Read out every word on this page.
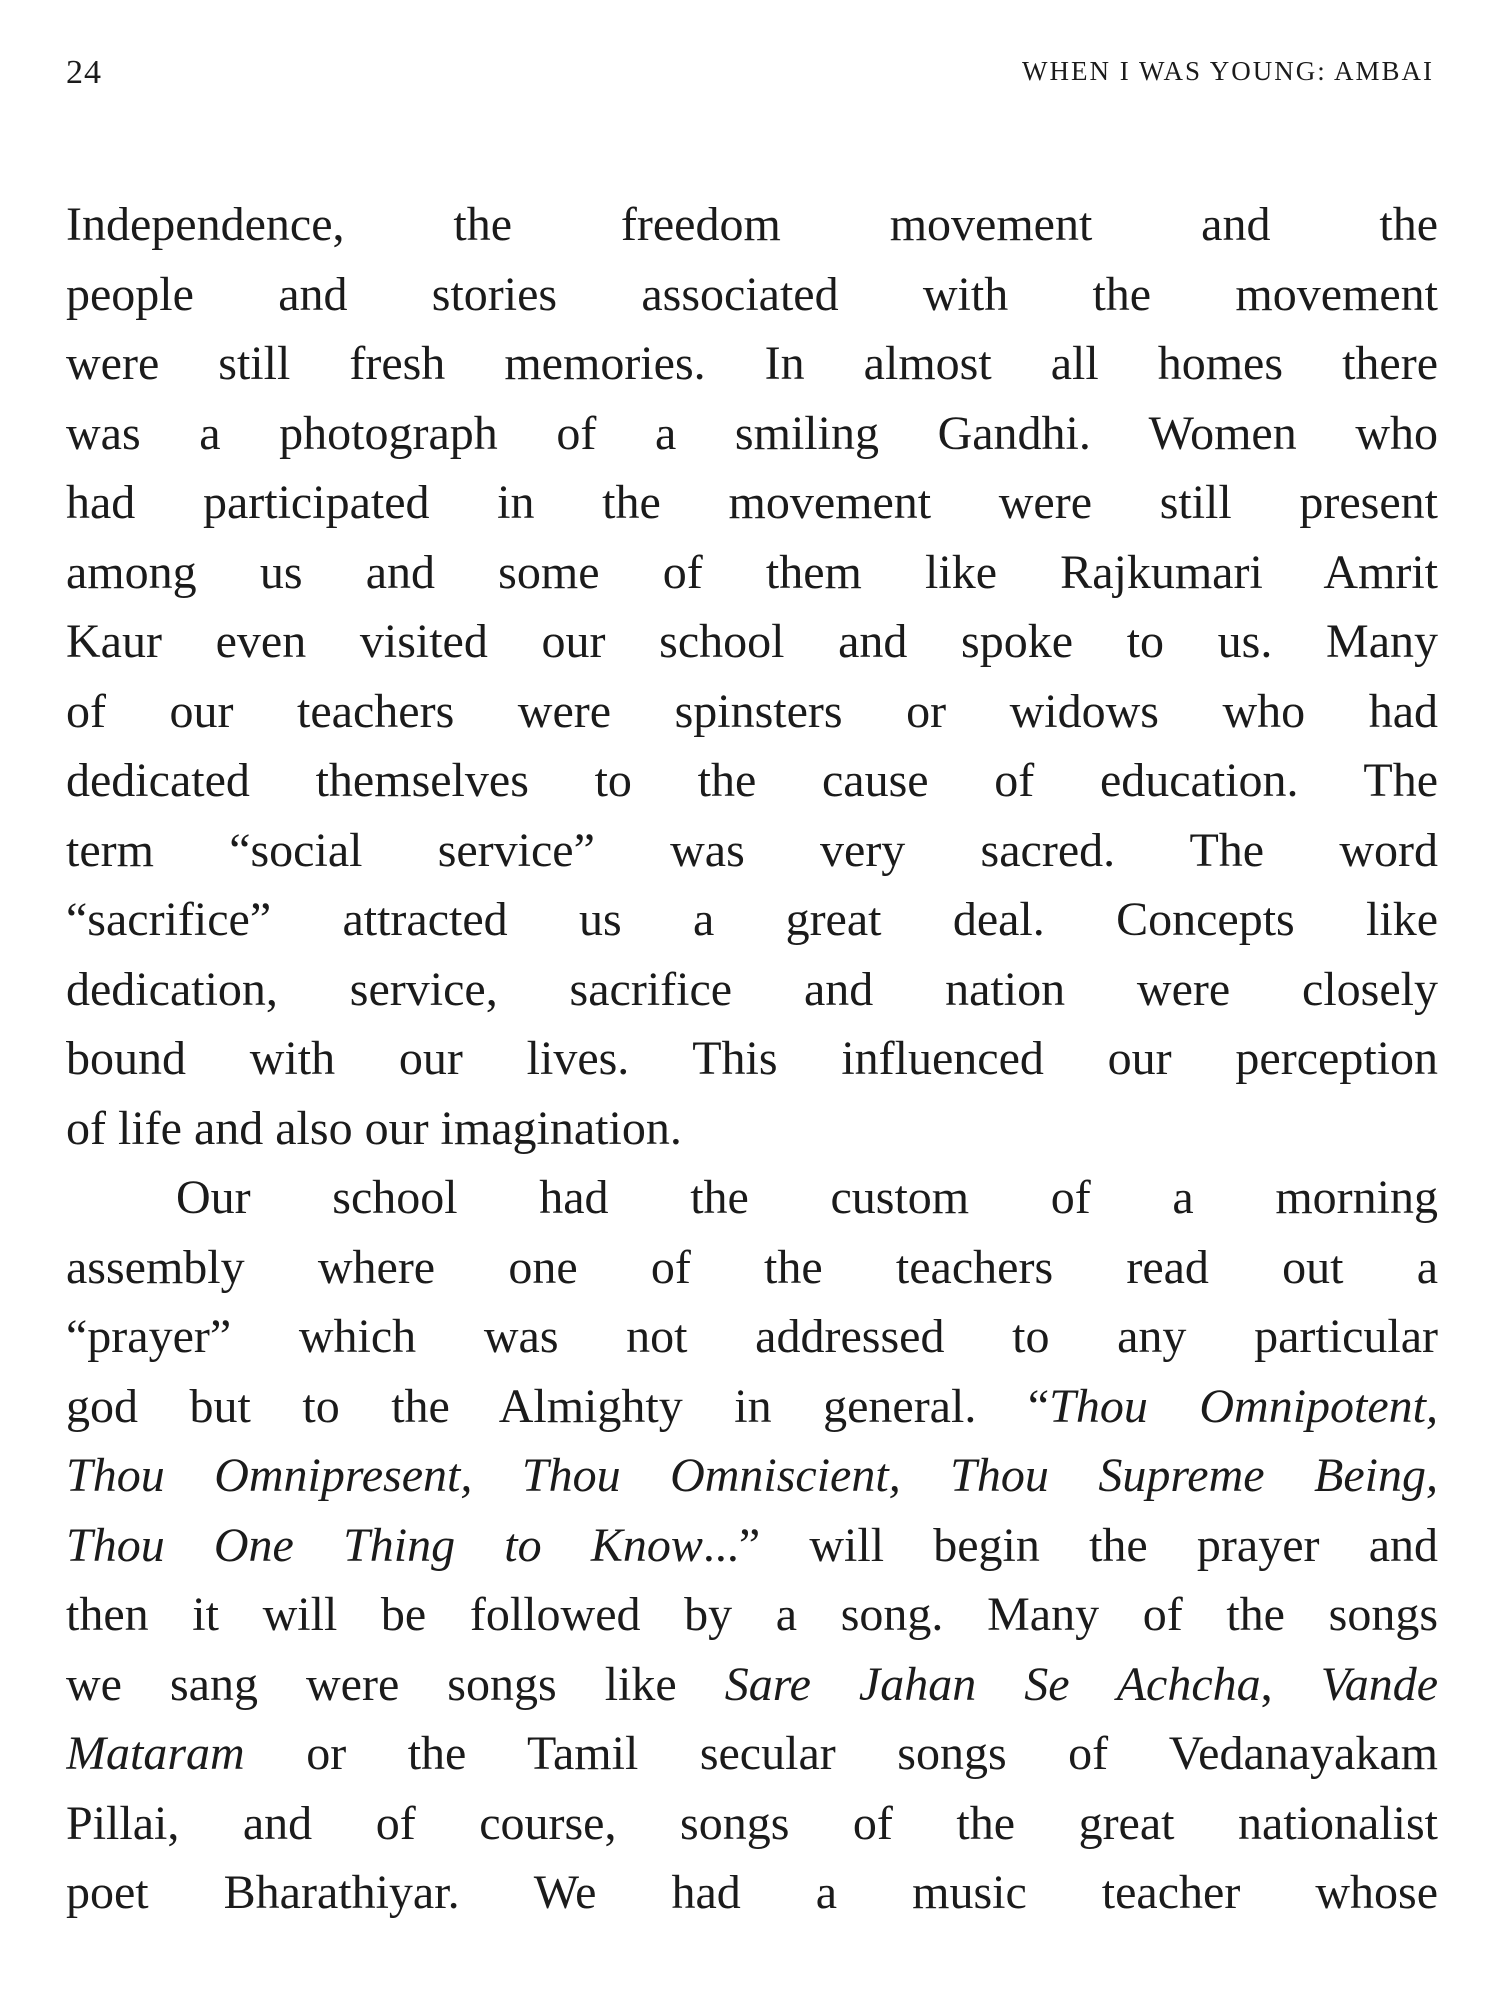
24	WHEN I WAS YOUNG: AMBAI
Independence, the freedom movement and the
people and stories associated with the movement
were still fresh memories. In almost all homes there
was a photograph of a smiling Gandhi. Women who
had participated in the movement were still present
among us and some of them like Rajkumari Amrit
Kaur even visited our school and spoke to us. Many
of our teachers were spinsters or widows who had
dedicated themselves to the cause of education. The
term “social service” was very sacred. The word
“sacrifice” attracted us a great deal. Concepts like
dedication, service, sacrifice and nation were closely
bound with our lives. This influenced our perception
of life and also our imagination.
Our school had the custom of a morning
assembly where one of the teachers read out a
“prayer” which was not addressed to any particular
god but to the Almighty in general. “Thou Omnipotent,
Thou Omnipresent, Thou Omniscient, Thou Supreme Being,
Thou One Thing to Know...” will begin the prayer and
then it will be followed by a song. Many of the songs
we sang were songs like Sare Jahan Se Achcha, Vande
Mataram or the Tamil secular songs of Vedanayakam
Pillai, and of course, songs of the great nationalist
poet Bharathiyar. We had a music teacher whose
